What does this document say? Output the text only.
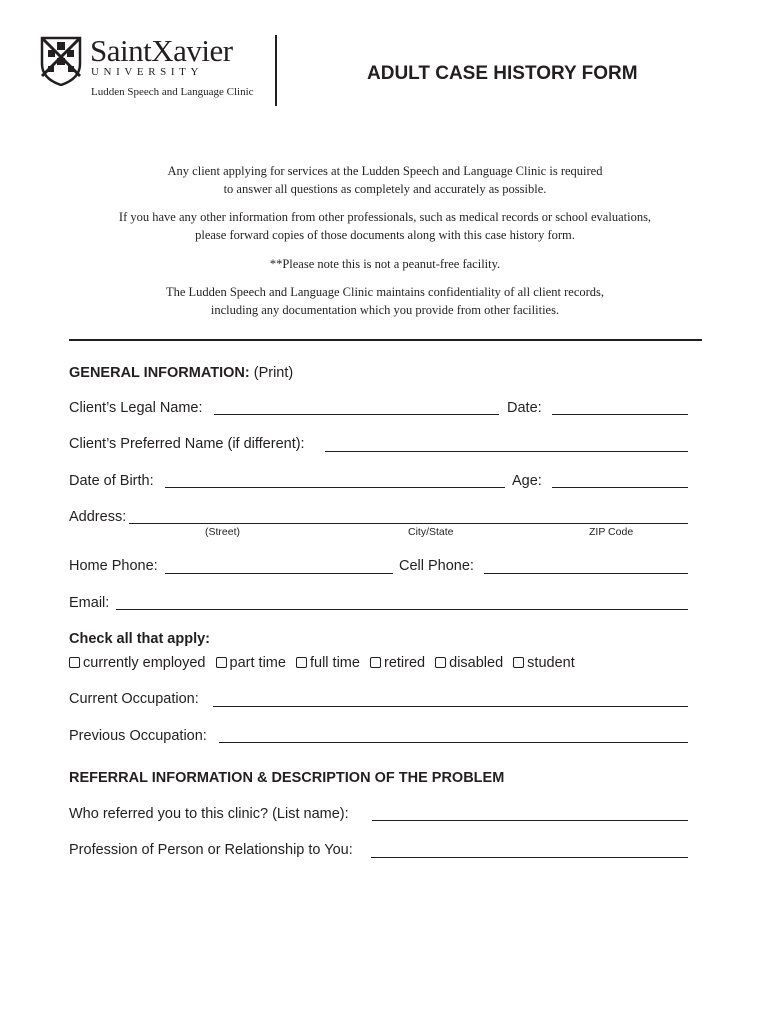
SaintXavier
UNIVERSITY
Ludden Speech and Language Clinic
ADULT CASE HISTORY FORM
Any client applying for services at the Ludden Speech and Language Clinic is required
to answer all questions as completely and accurately as possible.
If you have any other information from other professionals, such as medical records or school evaluations,
please forward copies of those documents along with this case history form.
**Please note this is not a peanut-free facility.
The Ludden Speech and Language Clinic maintains confidentiality of all client records,
including any documentation which you provide from other facilities.
GENERAL INFORMATION: (Print)
Client’s Legal Name:	Date:
Client’s Preferred Name (if different):
Date of Birth:	Age:
Address:
(Street)	City/State	ZIP Code
Home Phone:	Cell Phone:
Email:
Check all that apply:
currently employed part time full time retired disabled student
Current Occupation:
Previous Occupation:
REFERRAL INFORMATION & DESCRIPTION OF THE PROBLEM
Who referred you to this clinic? (List name):
Profession of Person or Relationship to You:
